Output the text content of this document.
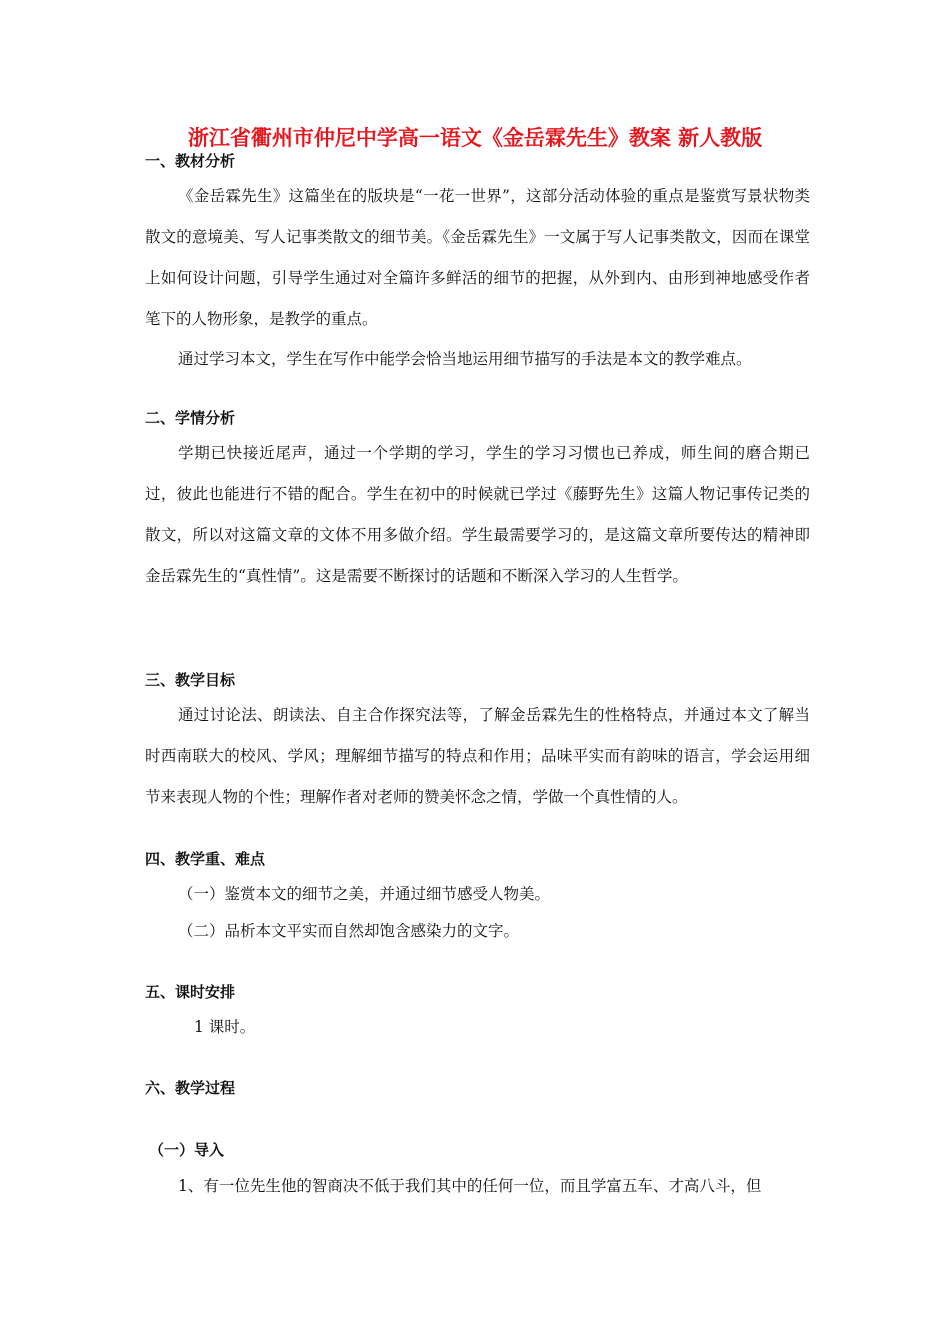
浙江省衢州市仲尼中学高一语文《金岳霖先生》教案 新人教版
一、教材分析
《金岳霖先生》这篇坐在的版块是“一花一世界”，这部分活动体验的重点是鉴赏写景状物类散文的意境美、写人记事类散文的细节美。《金岳霖先生》一文属于写人记事类散文，因而在课堂上如何设计问题，引导学生通过对全篇许多鲜活的细节的把握，从外到内、由形到神地感受作者笔下的人物形象，是教学的重点。
通过学习本文，学生在写作中能学会恰当地运用细节描写的手法是本文的教学难点。
二、学情分析
学期已快接近尾声，通过一个学期的学习，学生的学习习惯也已养成，师生间的磨合期已过，彼此也能进行不错的配合。学生在初中的时候就已学过《藤野先生》这篇人物记事传记类的散文，所以对这篇文章的文体不用多做介绍。学生最需要学习的，是这篇文章所要传达的精神即金岳霖先生的“真性情”。这是需要不断探讨的话题和不断深入学习的人生哲学。
三、教学目标
通过讨论法、朗读法、自主合作探究法等，了解金岳霖先生的性格特点，并通过本文了解当时西南联大的校风、学风；理解细节描写的特点和作用；品味平实而有韵味的语言，学会运用细节来表现人物的个性；理解作者对老师的赞美怀念之情，学做一个真性情的人。
四、教学重、难点
（一）鉴赏本文的细节之美，并通过细节感受人物美。
（二）品析本文平实而自然却饱含感染力的文字。
五、课时安排
1 课时。
六、教学过程
（一）导入
1、有一位先生他的智商决不低于我们其中的任何一位，而且学富五车、才高八斗，但
